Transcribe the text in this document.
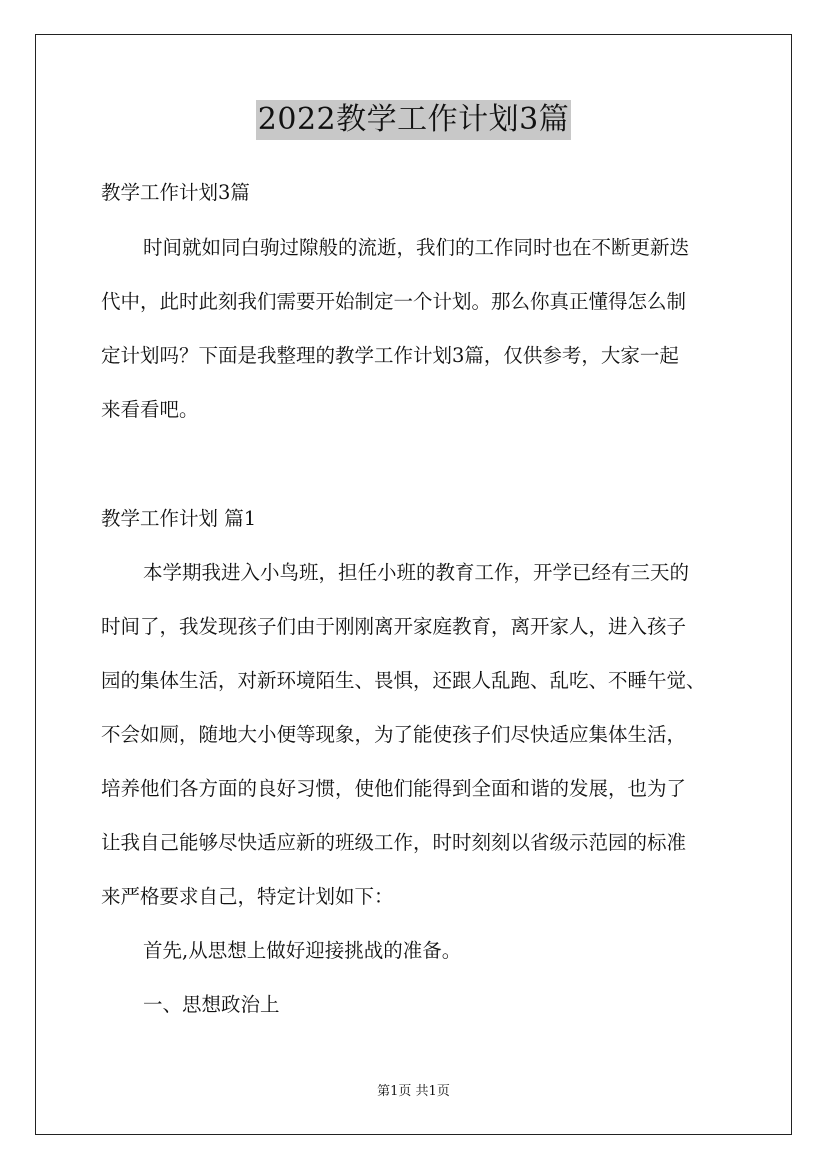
2022教学工作计划3篇
教学工作计划3篇
时间就如同白驹过隙般的流逝，我们的工作同时也在不断更新迭
代中，此时此刻我们需要开始制定一个计划。那么你真正懂得怎么制
定计划吗？下面是我整理的教学工作计划3篇，仅供参考，大家一起
来看看吧。
教学工作计划 篇1
本学期我进入小鸟班，担任小班的教育工作，开学已经有三天的
时间了，我发现孩子们由于刚刚离开家庭教育，离开家人，进入孩子
园的集体生活，对新环境陌生、畏惧，还跟人乱跑、乱吃、不睡午觉、
不会如厕，随地大小便等现象，为了能使孩子们尽快适应集体生活，
培养他们各方面的良好习惯，使他们能得到全面和谐的发展，也为了
让我自己能够尽快适应新的班级工作，时时刻刻以省级示范园的标准
来严格要求自己，特定计划如下：
首先,从思想上做好迎接挑战的准备。
一、思想政治上
第1页 共1页
